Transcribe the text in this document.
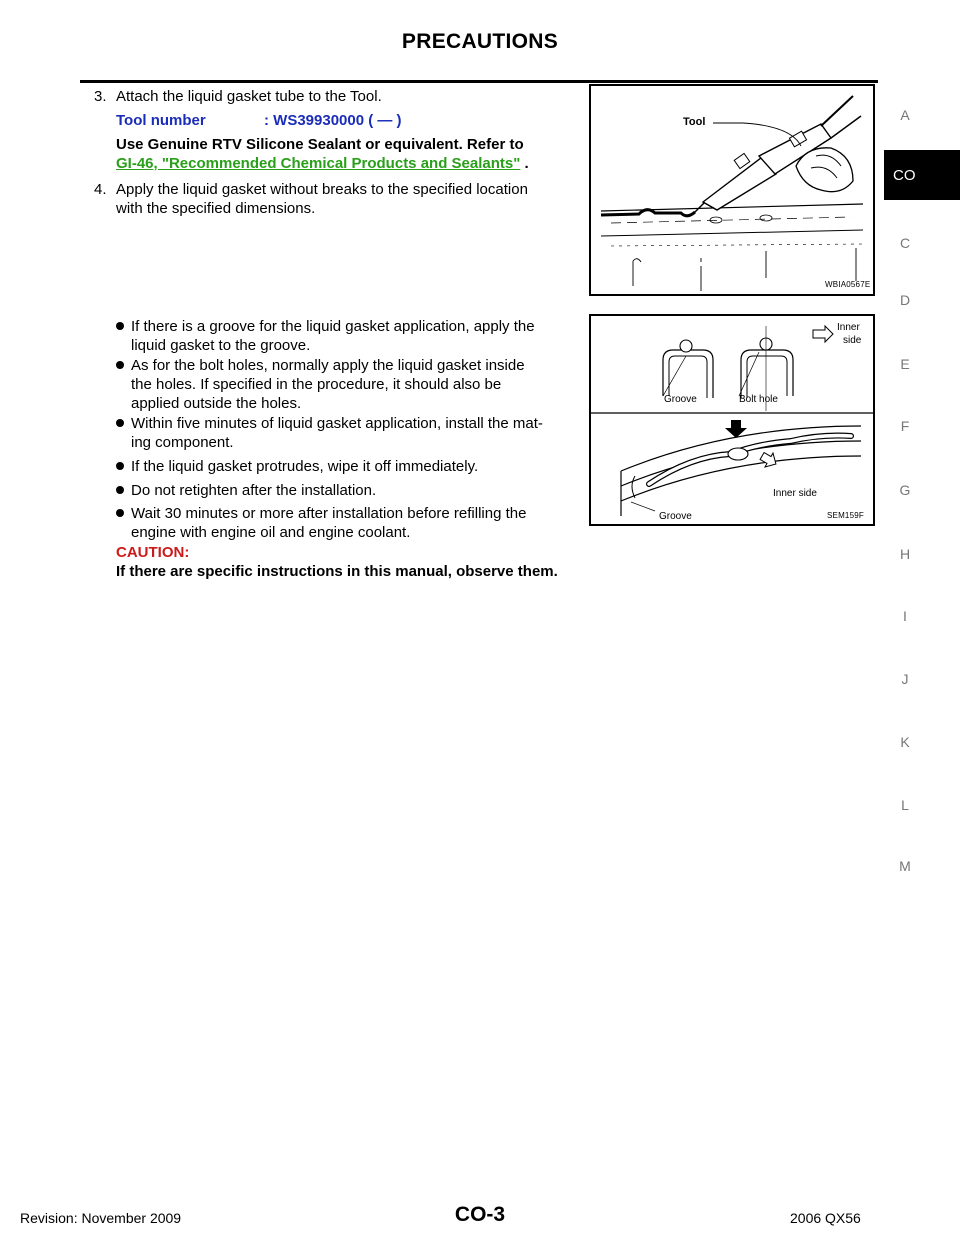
PRECAUTIONS
A
CO
C
D
E
F
G
H
I
J
K
L
M
3. Attach the liquid gasket tube to the Tool.
Tool number	: WS39930000 ( — )
Use Genuine RTV Silicone Sealant or equivalent. Refer to
GI-46, "Recommended Chemical Products and Sealants" .
4. Apply the liquid gasket without breaks to the specified location
with the specified dimensions.
If there is a groove for the liquid gasket application, apply the
liquid gasket to the groove.
As for the bolt holes, normally apply the liquid gasket inside
the holes. If specified in the procedure, it should also be
applied outside the holes.
Within five minutes of liquid gasket application, install the mat-
ing component.
If the liquid gasket protrudes, wipe it off immediately.
Do not retighten after the installation.
Wait 30 minutes or more after installation before refilling the
engine with engine oil and engine coolant.
CAUTION:
If there are specific instructions in this manual, observe them.
Tool
WBIA0567E
Inner
side
Groove	Bolt hole
Inner side
Groove	SEM159F
Revision: November 2009	CO-3	2006 QX56
